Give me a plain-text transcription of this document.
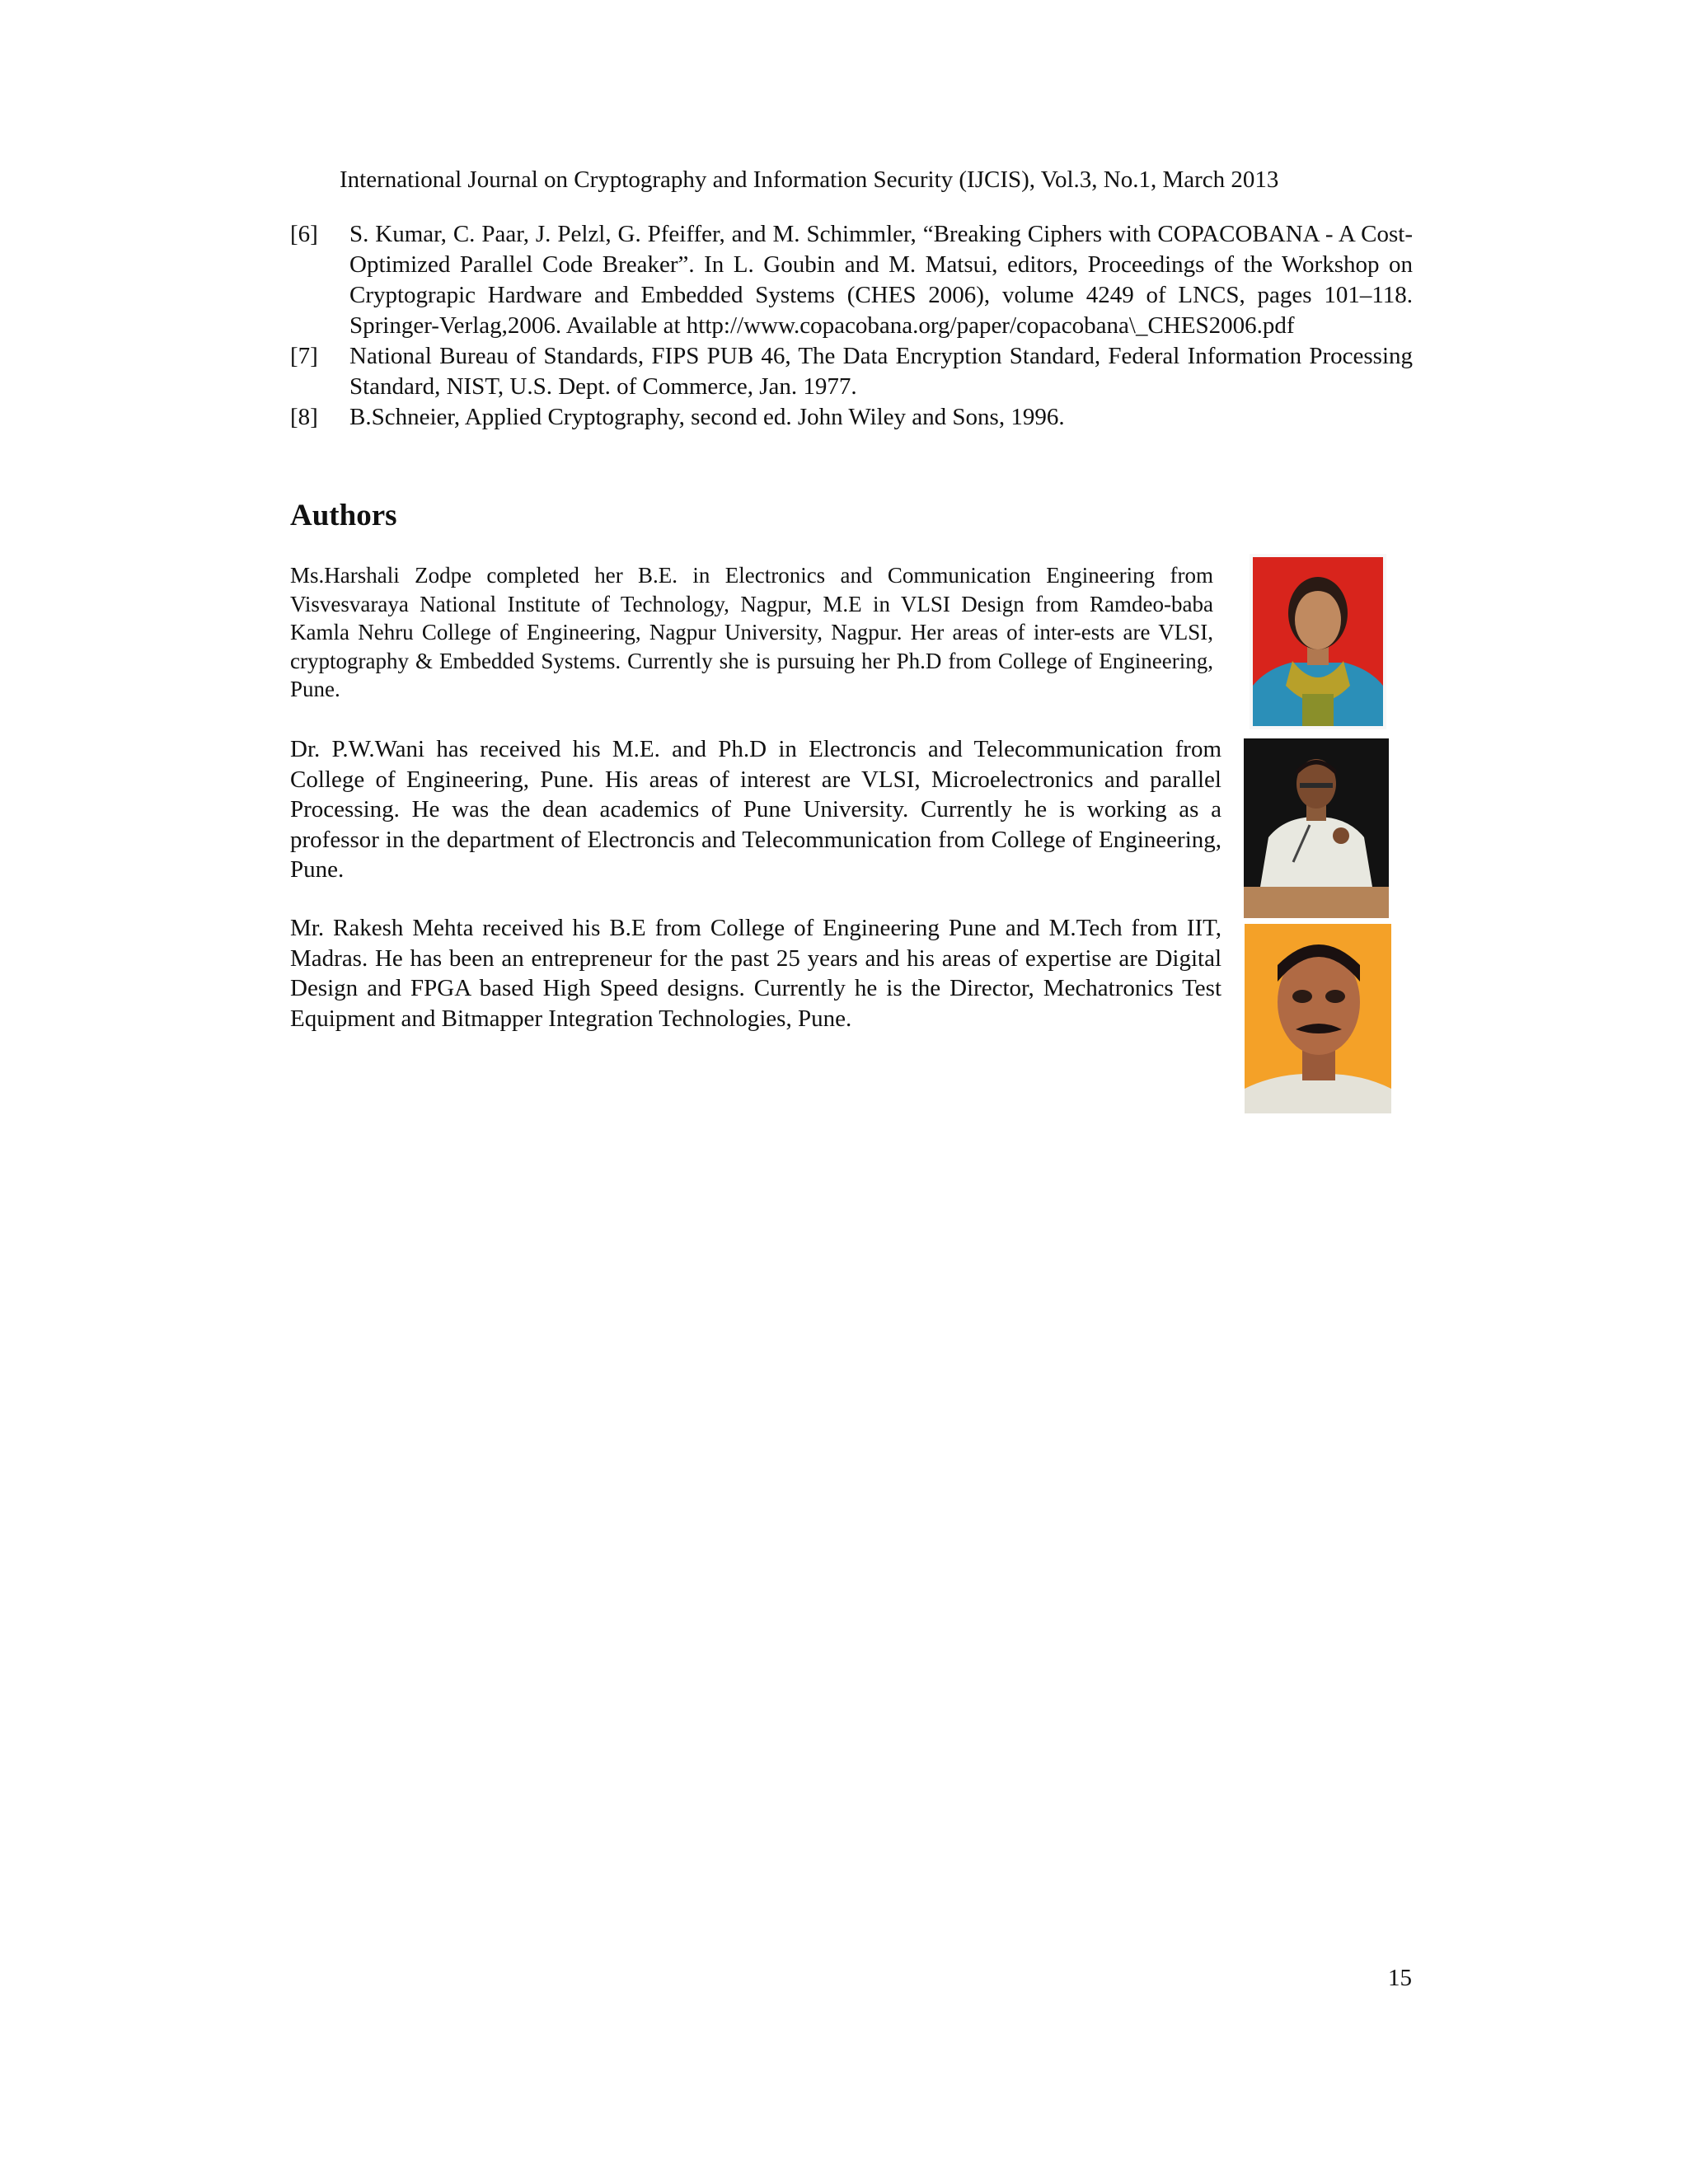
International Journal on Cryptography and Information Security (IJCIS), Vol.3, No.1, March 2013
[6] S. Kumar, C. Paar, J. Pelzl, G. Pfeiffer, and M. Schimmler, “Breaking Ciphers with COPACOBANA - A Cost-Optimized Parallel Code Breaker”. In L. Goubin and M. Matsui, editors, Proceedings of the Workshop on Cryptograpic Hardware and Embedded Systems (CHES 2006), volume 4249 of LNCS, pages 101–118. Springer-Verlag,2006. Available at http://www.copacobana.org/paper/copacobana\_CHES2006.pdf
[7] National Bureau of Standards, FIPS PUB 46, The Data Encryption Standard, Federal Information Processing Standard, NIST, U.S. Dept. of Commerce, Jan. 1977.
[8] B.Schneier, Applied Cryptography, second ed. John Wiley and Sons, 1996.
Authors
Ms.Harshali Zodpe completed her B.E. in Electronics and Communication Engineering from Visvesvaraya National Institute of Technology, Nagpur, M.E in VLSI Design from Ramdeo-baba Kamla Nehru College of Engineering, Nagpur University, Nagpur. Her areas of inter-ests are VLSI, cryptography & Embedded Systems. Currently she is pursuing her Ph.D from College of Engineering, Pune.
Dr. P.W.Wani has received his M.E. and Ph.D in Electroncis and Telecommunication from College of Engineering, Pune. His areas of interest are VLSI, Microelectronics and parallel Processing. He was the dean academics of Pune University. Currently he is working as a professor in the department of Electroncis and Telecommunication from College of Engineering, Pune.
Mr. Rakesh Mehta received his B.E from College of Engineering Pune and M.Tech from IIT, Madras. He has been an entrepreneur for the past 25 years and his areas of expertise are Digital Design and FPGA based High Speed designs. Currently he is the Director, Mechatronics Test Equipment and Bitmapper Integration Technologies, Pune.
15
